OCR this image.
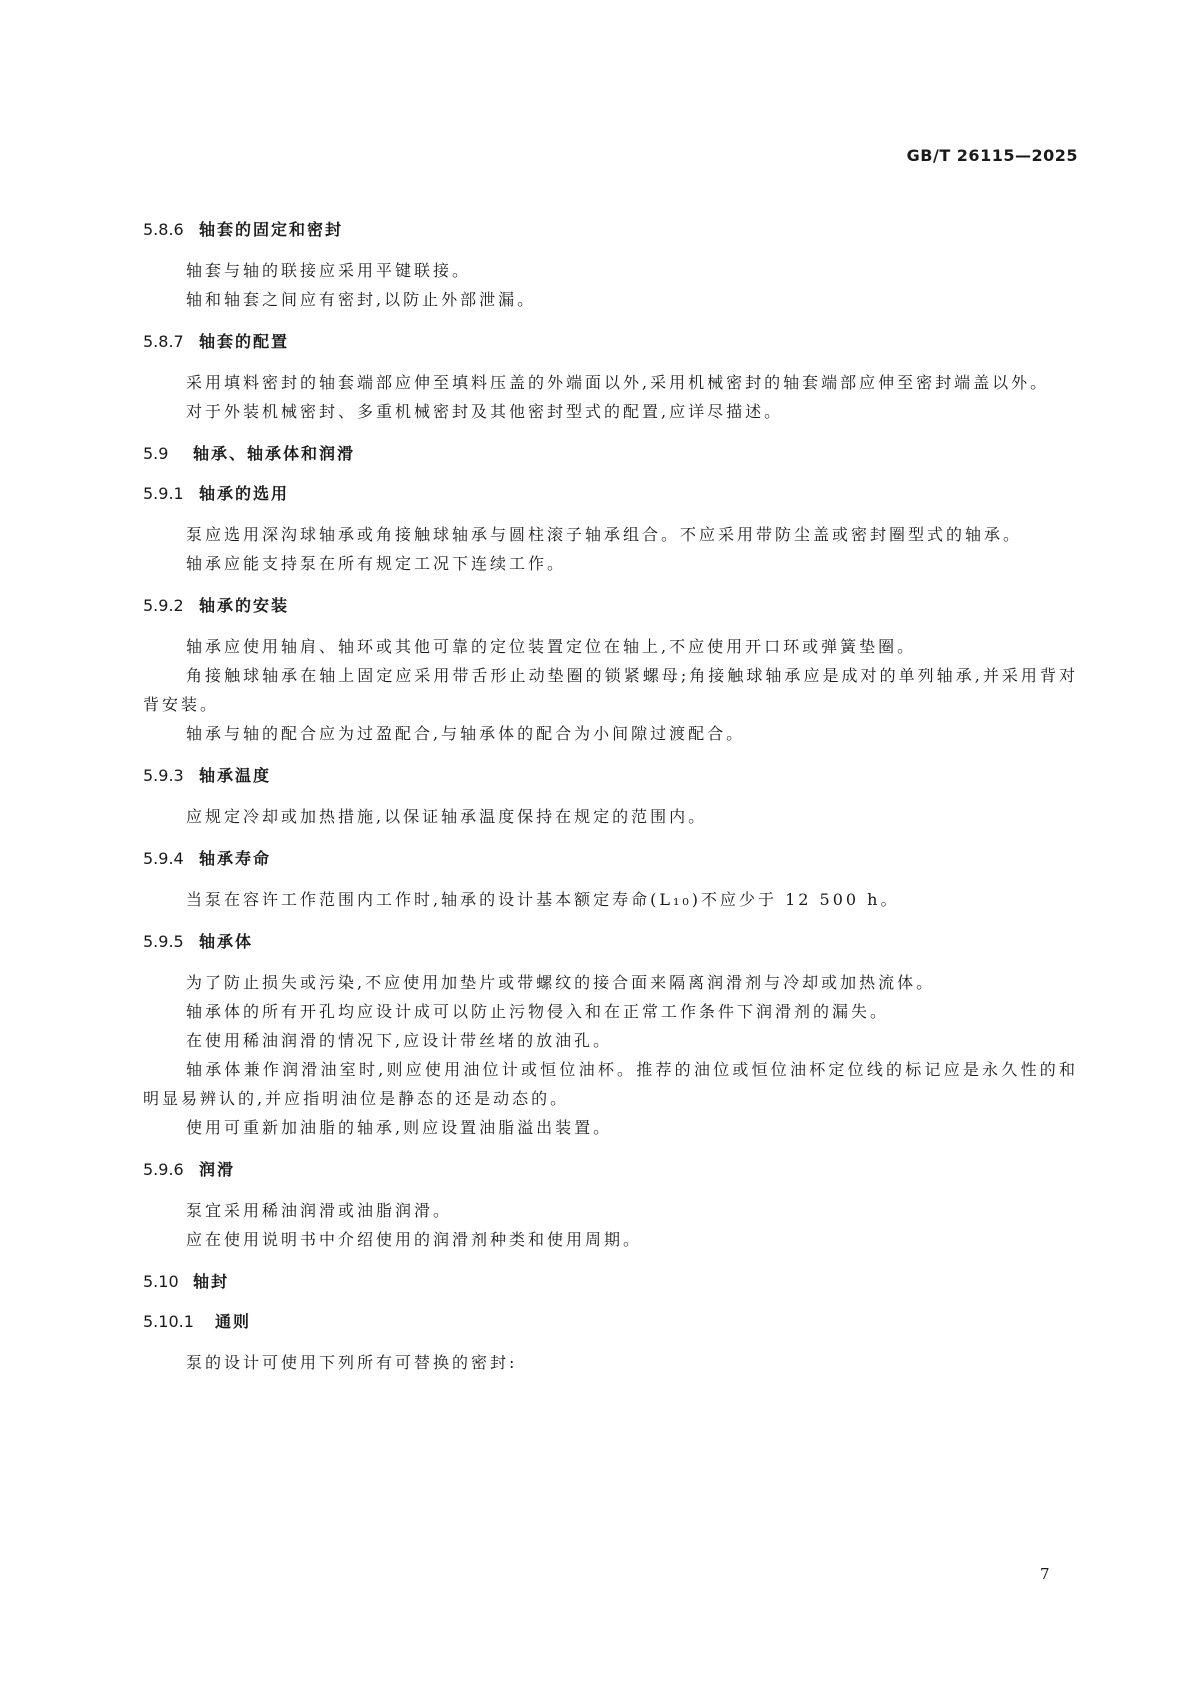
GB/T 26115—2025

5.8.6 轴套的固定和密封

轴套与轴的联接应采用平键联接。

轴和轴套之间应有密封,以防止外部泄漏。

5.8.7 轴套的配置

采用填料密封的轴套端部应伸至填料压盖的外端面以外,采用机械密封的轴套端部应伸至密封端盖以外。

对于外装机械密封、多重机械密封及其他密封型式的配置,应详尽描述。

5.9	轴承、轴承体和润滑
5.9.1 轴承的选用

泵应选用深沟球轴承或角接触球轴承与圆柱滚子轴承组合。不应采用带防尘盖或密封圈型式的轴承。

轴承应能支持泵在所有规定工况下连续工作。

5.9.2 轴承的安装

轴承应使用轴肩、轴环或其他可靠的定位装置定位在轴上,不应使用开口环或弹簧垫圈。

角接触球轴承在轴上固定应采用带舌形止动垫圈的锁紧螺母;角接触球轴承应是成对的单列轴承,并采用背对背安装。

轴承与轴的配合应为过盈配合,与轴承体的配合为小间隙过渡配合。

5.9.3 轴承温度

应规定冷却或加热措施,以保证轴承温度保持在规定的范围内。

5.9.4 轴承寿命

当泵在容许工作范围内工作时,轴承的设计基本额定寿命(L₁₀)不应少于 12 500 h。

5.9.5 轴承体

为了防止损失或污染,不应使用加垫片或带螺纹的接合面来隔离润滑剂与冷却或加热流体。

轴承体的所有开孔均应设计成可以防止污物侵入和在正常工作条件下润滑剂的漏失。

在使用稀油润滑的情况下,应设计带丝堵的放油孔。

轴承体兼作润滑油室时,则应使用油位计或恒位油杯。推荐的油位或恒位油杯定位线的标记应是永久性的和明显易辨认的,并应指明油位是静态的还是动态的。

使用可重新加油脂的轴承,则应设置油脂溢出装置。

5.9.6 润滑

泵宜采用稀油润滑或油脂润滑。

应在使用说明书中介绍使用的润滑剂种类和使用周期。

5.10 轴封
5.10.1	通则

泵的设计可使用下列所有可替换的密封:

7
